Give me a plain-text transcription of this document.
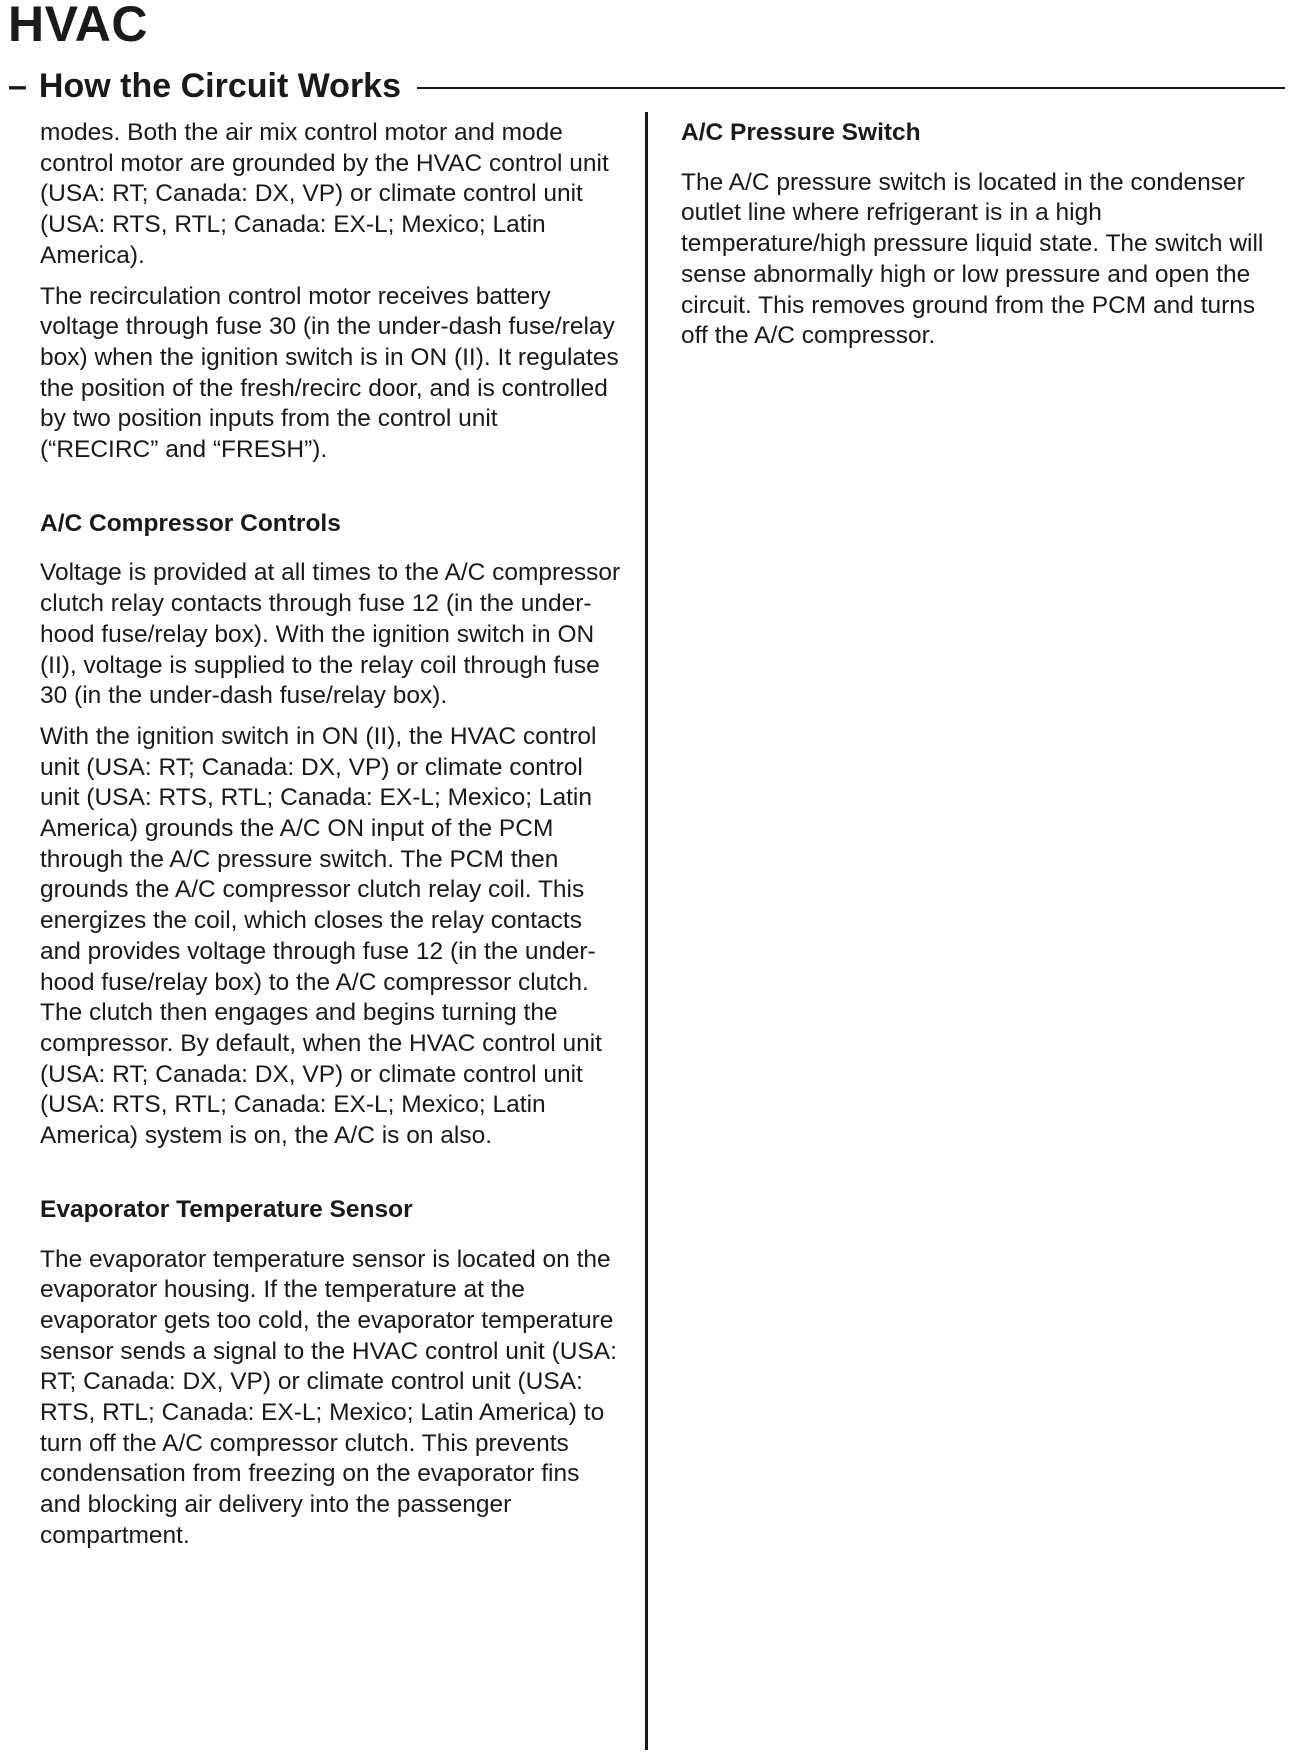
HVAC
– How the Circuit Works

modes. Both the air mix control motor and mode control motor are grounded by the HVAC control unit (USA: RT; Canada: DX, VP) or climate control unit (USA: RTS, RTL; Canada: EX-L; Mexico; Latin America).

The recirculation control motor receives battery voltage through fuse 30 (in the under-dash fuse/relay box) when the ignition switch is in ON (II). It regulates the position of the fresh/recirc door, and is controlled by two position inputs from the control unit (“RECIRC” and “FRESH”).

A/C Compressor Controls

Voltage is provided at all times to the A/C compressor clutch relay contacts through fuse 12 (in the under-hood fuse/relay box). With the ignition switch in ON (II), voltage is supplied to the relay coil through fuse 30 (in the under-dash fuse/relay box).

With the ignition switch in ON (II), the HVAC control unit (USA: RT; Canada: DX, VP) or climate control unit (USA: RTS, RTL; Canada: EX-L; Mexico; Latin America) grounds the A/C ON input of the PCM through the A/C pressure switch. The PCM then grounds the A/C compressor clutch relay coil. This energizes the coil, which closes the relay contacts and provides voltage through fuse 12 (in the under-hood fuse/relay box) to the A/C compressor clutch. The clutch then engages and begins turning the compressor. By default, when the HVAC control unit (USA: RT; Canada: DX, VP) or climate control unit (USA: RTS, RTL; Canada: EX-L; Mexico; Latin America) system is on, the A/C is on also.

Evaporator Temperature Sensor

The evaporator temperature sensor is located on the evaporator housing. If the temperature at the evaporator gets too cold, the evaporator temperature sensor sends a signal to the HVAC control unit (USA: RT; Canada: DX, VP) or climate control unit (USA: RTS, RTL; Canada: EX-L; Mexico; Latin America) to turn off the A/C compressor clutch. This prevents condensation from freezing on the evaporator fins and blocking air delivery into the passenger compartment.

A/C Pressure Switch

The A/C pressure switch is located in the condenser outlet line where refrigerant is in a high temperature/high pressure liquid state. The switch will sense abnormally high or low pressure and open the circuit. This removes ground from the PCM and turns off the A/C compressor.
